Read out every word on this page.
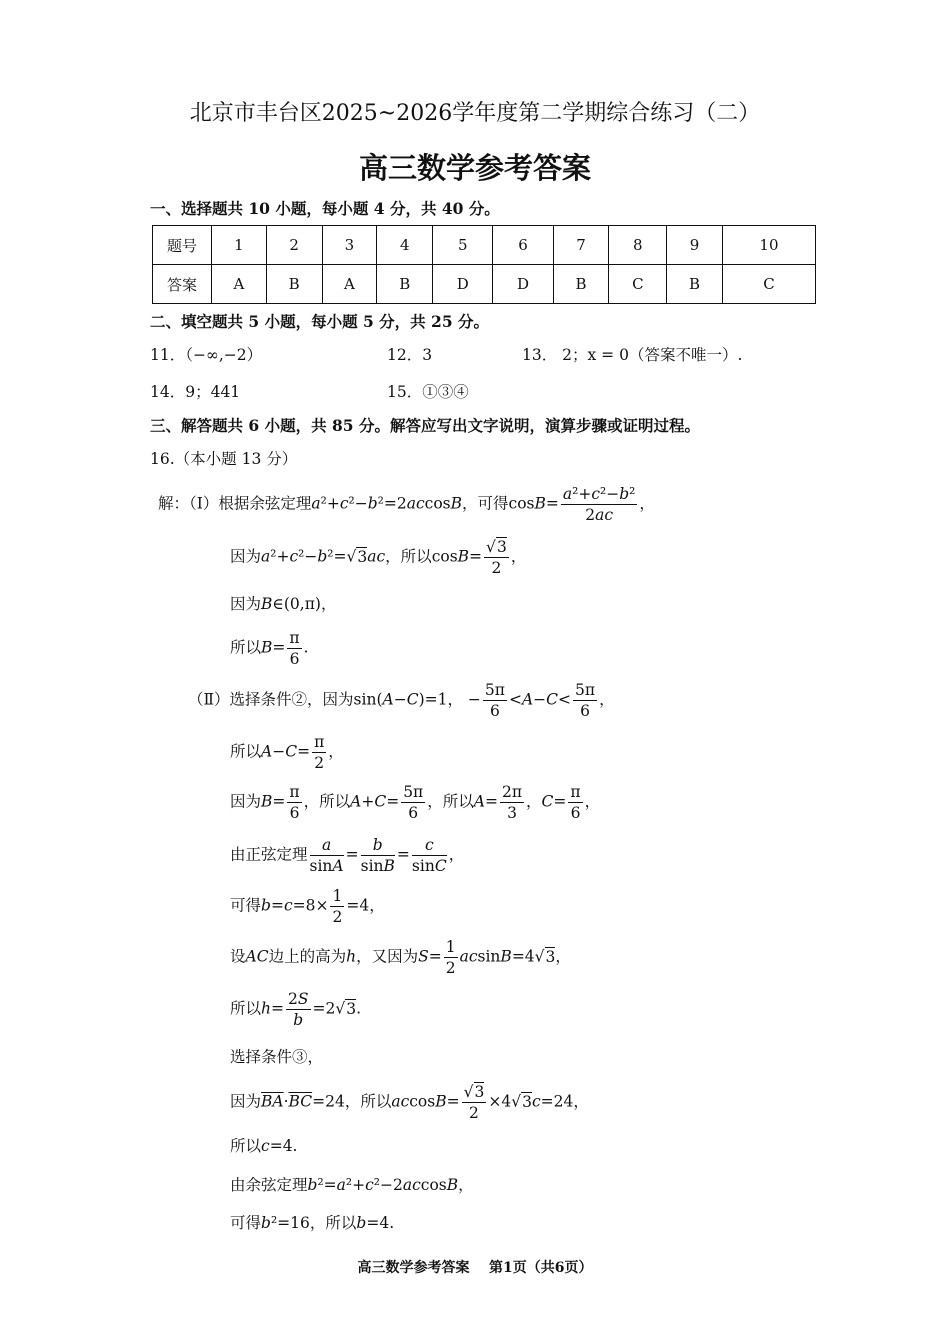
北京市丰台区2025~2026学年度第二学期综合练习（二）
高三数学参考答案
一、选择题共 10 小题，每小题 4 分，共 40 分。
题号	1	2	3	4	5	6	7	8	9	10
答案	A	B	A	B	D	D	B	C	B	C
二、填空题共 5 小题，每小题 5 分，共 25 分。
11．（−∞,−2）	12．3	13． 2；x = 0（答案不唯一）.
14．9；441	15．①③④
三、解答题共 6 小题，共 85 分。解答应写出文字说明，演算步骤或证明过程。
16.（本小题 13 分）
解：（Ⅰ）根据余弦定理a²+c²−b²=2accosB，可得$\cos B= \frac{\text{a²+c²−b²}}{2ac}$ ，
因为a²+c²−b²=√3ac，所以$\cos B= \frac{√3}{2}$ ，
因为B∈(0,π)，
所以$B= \frac{\pi}{6}$ .
（Ⅱ）选择条件②，因为sin(A−C)=1， − $\frac{5\pi}{6} <A-C< \frac{5\pi}{6}$ ，
所以$A-C= \frac{\pi}{2}$ ，
因为$B= \frac{\pi}{6}$ ，所以$A+C= \frac{5\pi}{6}$ ，所以$A= \frac{2\pi}{3}$ ，$C= \frac{\pi}{6}$ ，
由正弦定理 $\frac{a}{\sin A} = \frac{b}{\sin B} = \frac{c}{\sin C}$ ，
可得$b=c=8\times \frac{1}{2} =4$，
设AC边上的高为h，又因为$S= \frac{1}{2} acsinB=4√3$，
所以$h= \frac{2S}{b} =2√3$.
选择条件③，
因为$\overline{BA}\cdot\overline{BC}=24$，所以$accosB= \frac{√3}{2} \times 4√3c=24$，
所以c=4.
由余弦定理b²=a²+c²−2accosB，
可得b²=16，所以b=4.
高三数学参考答案 第1页（共6页）
